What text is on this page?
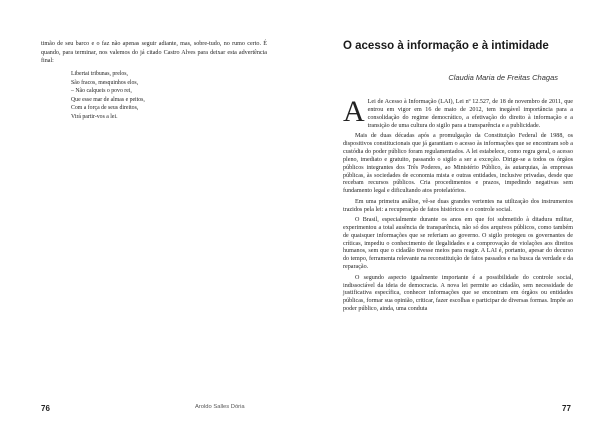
timão de seu barco e o faz não apenas seguir adiante, mas, sobre-tudo, no rumo certo. É quando, para terminar, nos valemos do já citado Castro Alves para deixar esta advertência final:

Libertai tribunas, prelos,
São fracos, mesquinhos elos,
– Não calqueis o povo rei,
Que esse mar de almas e peitos,
Com a força de seus direitos,
Virá partir-vos a lei.
76	Aroldo Salles Dória
O acesso à informação e à intimidade

Claudia Maria de Freitas Chagas

A Lei de Acesso à Informação (LAI), Lei nº 12.527, de 18 de novembro de 2011, que entrou em vigor em 16 de maio de 2012, tem inegável importância para a consolidação do regime democrático, a efetivação do direito à informação e a transição de uma cultura do sigilo para a transparência e a publicidade.

Mais de duas décadas após a promulgação da Constituição Federal de 1988, os dispositivos constitucionais que já garantiam o acesso às informações que se encontram sob a custódia do poder público foram regulamentados. A lei estabelece, como regra geral, o acesso pleno, imediato e gratuito, passando o sigilo a ser a exceção. Dirige-se a todos os órgãos públicos integrantes dos Três Poderes, ao Ministério Público, às autarquias, às empresas públicas, às sociedades de economia mista e outras entidades, inclusive privadas, desde que recebam recursos públicos. Cria procedimentos e prazos, impedindo negativas sem fundamento legal e dificultando atos protelatórios.

Em uma primeira análise, vê-se duas grandes vertentes na utilização dos instrumentos trazidos pela lei: a recuperação de fatos históricos e o controle social.

O Brasil, especialmente durante os anos em que foi submetido à ditadura militar, experimentou a total ausência de transparência, não só dos arquivos públicos, como também de quaisquer informações que se referiam ao governo. O sigilo protegeu os governantes de críticas, impediu o conhecimento de ilegalidades e a comprovação de violações aos direitos humanos, sem que o cidadão tivesse meios para reagir. A LAI é, portanto, apesar do decurso do tempo, ferramenta relevante na reconstituição de fatos passados e na busca da verdade e da reparação.

O segundo aspecto igualmente importante é a possibilidade do controle social, indissociável da ideia de democracia. A nova lei permite ao cidadão, sem necessidade de justificativa específica, conhecer informações que se encontram em órgãos ou entidades públicas, formar sua opinião, criticar, fazer escolhas e participar de diversas formas. Impõe ao poder público, ainda, uma conduta

77
